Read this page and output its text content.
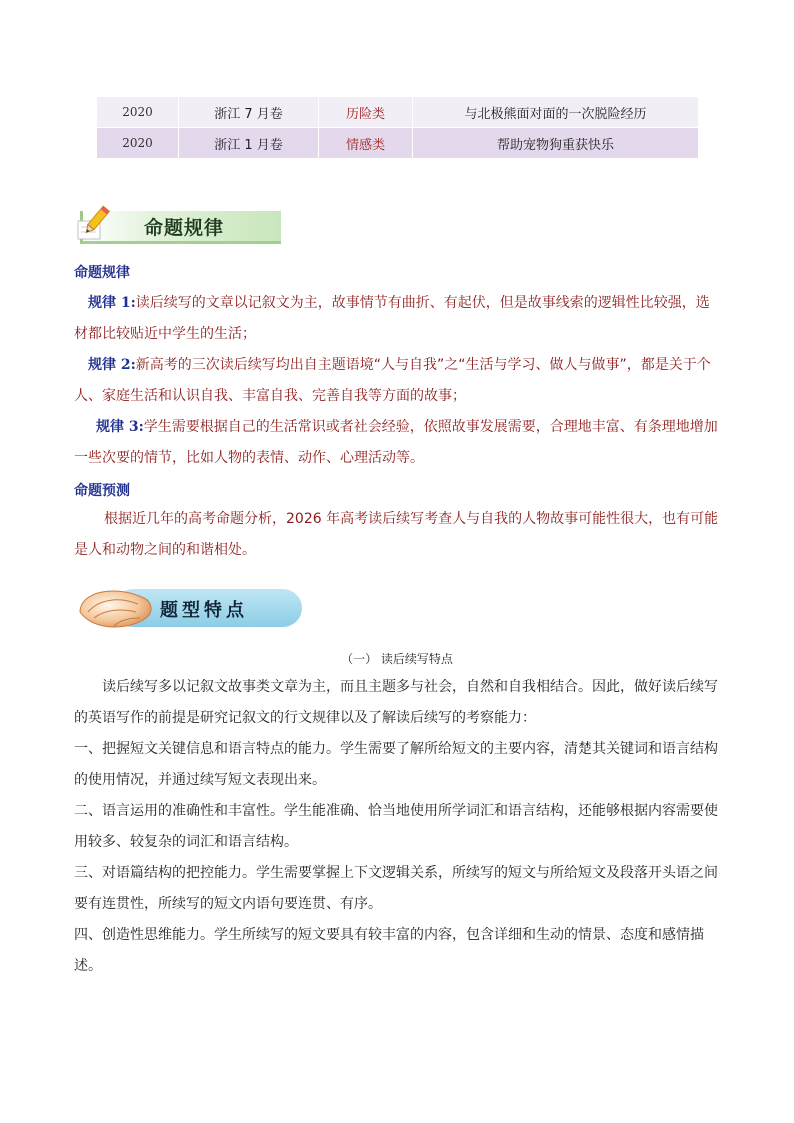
2020	浙江 7 月卷	历险类	与北极熊面对面的一次脱险经历
2020	浙江 1 月卷	情感类	帮助宠物狗重获快乐
命题规律
命题规律

规律 1:读后续写的文章以记叙文为主，故事情节有曲折、有起伏，但是故事线索的逻辑性比较强，选材都比较贴近中学生的生活；

规律 2:新高考的三次读后续写均出自主题语境“人与自我”之“生活与学习、做人与做事”，都是关于个人、家庭生活和认识自我、丰富自我、完善自我等方面的故事；

规律 3:学生需要根据自己的生活常识或者社会经验，依照故事发展需要，合理地丰富、有条理地增加一些次要的情节，比如人物的表情、动作、心理活动等。

命题预测

根据近几年的高考命题分析，2026 年高考读后续写考查人与自我的人物故事可能性很大，也有可能是人和动物之间的和谐相处。

题型特点
（一） 读后续写特点

读后续写多以记叙文故事类文章为主，而且主题多与社会，自然和自我相结合。因此，做好读后续写的英语写作的前提是研究记叙文的行文规律以及了解读后续写的考察能力：

一、把握短文关键信息和语言特点的能力。学生需要了解所给短文的主要内容，清楚其关键词和语言结构的使用情况，并通过续写短文表现出来。

二、语言运用的准确性和丰富性。学生能准确、恰当地使用所学词汇和语言结构，还能够根据内容需要使用较多、较复杂的词汇和语言结构。

三、对语篇结构的把控能力。学生需要掌握上下文逻辑关系，所续写的短文与所给短文及段落开头语之间要有连贯性，所续写的短文内语句要连贯、有序。

四、创造性思维能力。学生所续写的短文要具有较丰富的内容，包含详细和生动的情景、态度和感情描述。
